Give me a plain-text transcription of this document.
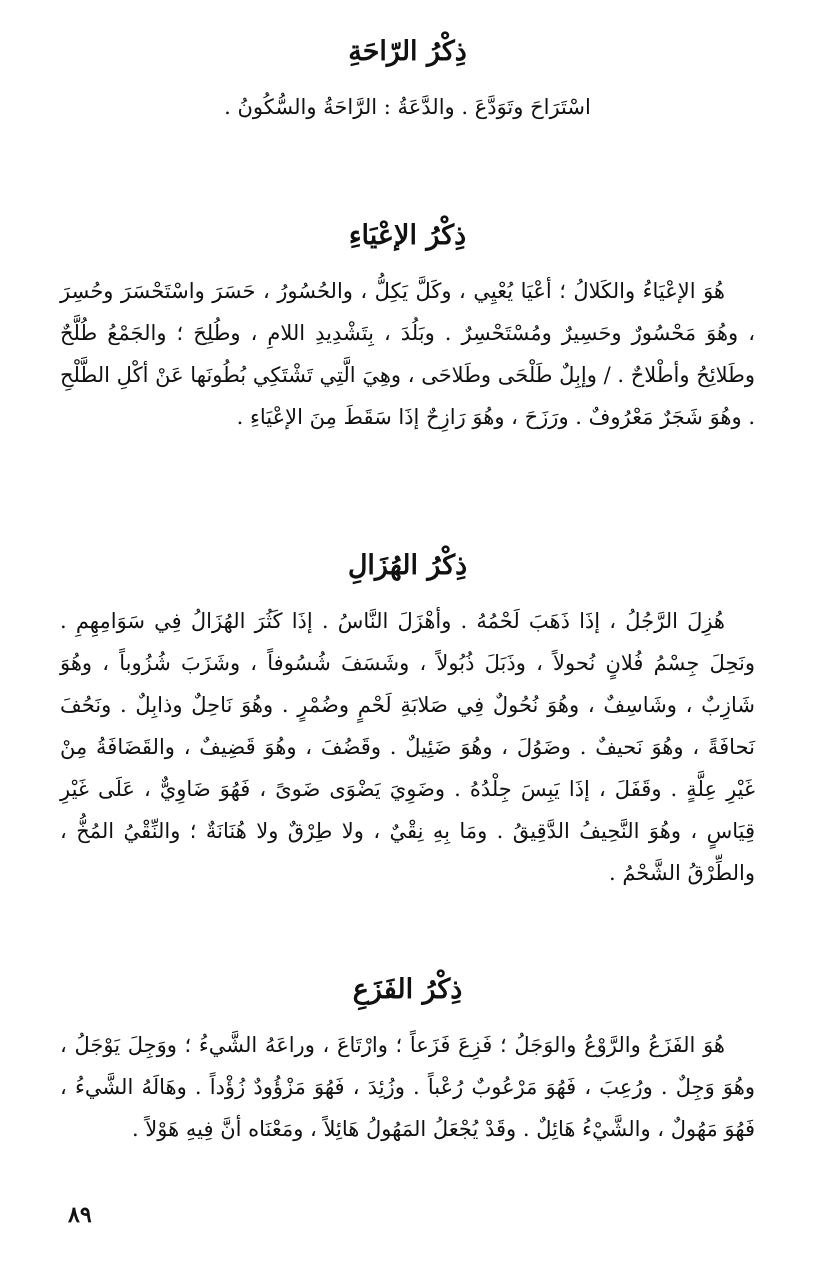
ذِكْرُ الرّاحَةِ

اسْتَرَاحَ وتَوَدَّعَ . والدَّعَةُ : الرَّاحَةُ والسُّكُونُ .

ذِكْرُ الإعْيَاءِ

هُوَ الإعْيَاءُ والكَلالُ ؛ أعْيَا يُعْيِي ، وكَلَّ يَكِلُّ ، والحُسُورُ ، حَسَرَ واسْتَحْسَرَ وحُسِرَ ، وهُوَ مَحْسُورٌ وحَسِيرٌ ومُسْتَحْسِرٌ . وبَلُدَ ، بِتَشْدِيدِ اللامِ ، وطُلِحَ ؛ والجَمْعُ طُلَّحٌ وطَلائِحُ وأطْلاحٌ . / وإبِلٌ طَلْحَى وطَلاحَى ، وهِيَ الَّتِي تَشْتَكِي بُطُونَها عَنْ أكْلِ الطَّلْحِ . وهُوَ شَجَرٌ مَعْرُوفٌ . ورَزَحَ ، وهُوَ رَازِحٌ إذَا سَقَطَ مِنَ الإعْيَاءِ .

ذِكْرُ الهُزَالِ

هُزِلَ الرَّجُلُ ، إذَا ذَهَبَ لَحْمُهُ . وأهْزَلَ النَّاسُ . إذَا كَثُرَ الهُزَالُ فِي سَوَامِهِمِ . ونَحِلَ جِسْمُ فُلانٍ نُحولاً ، وذَبَلَ ذُبُولاً ، وشَسَفَ شُسُوفاً ، وشَزَبَ شُزُوباً ، وهُوَ شَازِبٌ ، وشَاسِفٌ ، وهُوَ نُحُولٌ فِي صَلابَةِ لَحْمٍ وضُمْرٍ . وهُوَ نَاحِلٌ وذابِلٌ . ونَحُفَ نَحافَةً ، وهُوَ نَحيفٌ . وضَوُلَ ، وهُوَ ضَئِيلٌ . وقَضُفَ ، وهُوَ قَضِيفٌ ، والقَضَافَةُ مِنْ غَيْرِ عِلَّةٍ . وقَفَلَ ، إذَا يَبِسَ جِلْدُهُ . وضَوِيَ يَضْوَى ضَوىً ، فَهُوَ ضَاوِيٌّ ، عَلَى غَيْرِ قِيَاسٍ ، وهُوَ النَّحِيفُ الدَّقِيقُ . ومَا بِهِ نِقْيٌ ، ولا طِرْقٌ ولا هُنَانَةٌ ؛ والنِّقْيُ المُخُّ ، والطِّرْقُ الشَّحْمُ .

ذِكْرُ الفَزَعِ

هُوَ الفَزَعُ والرَّوْعُ والوَجَلُ ؛ فَزِعَ فَزَعاً ؛ وارْتَاعَ ، وراعَهُ الشَّيءُ ؛ ووَجِلَ يَوْجَلُ ، وهُوَ وَجِلٌ . ورُعِبَ ، فَهُوَ مَرْعُوبٌ رُعْباً . وزُئِدَ ، فَهُوَ مَزْؤُودٌ زُؤْداً . وهَالَهُ الشَّيءُ ، فَهُوَ مَهُولٌ ، والشَّيْءُ هَائِلٌ . وقَدْ يُجْعَلُ المَهُولُ هَائِلاً ، ومَعْنَاه أنَّ فِيهِ هَوْلاً .

٨٩
